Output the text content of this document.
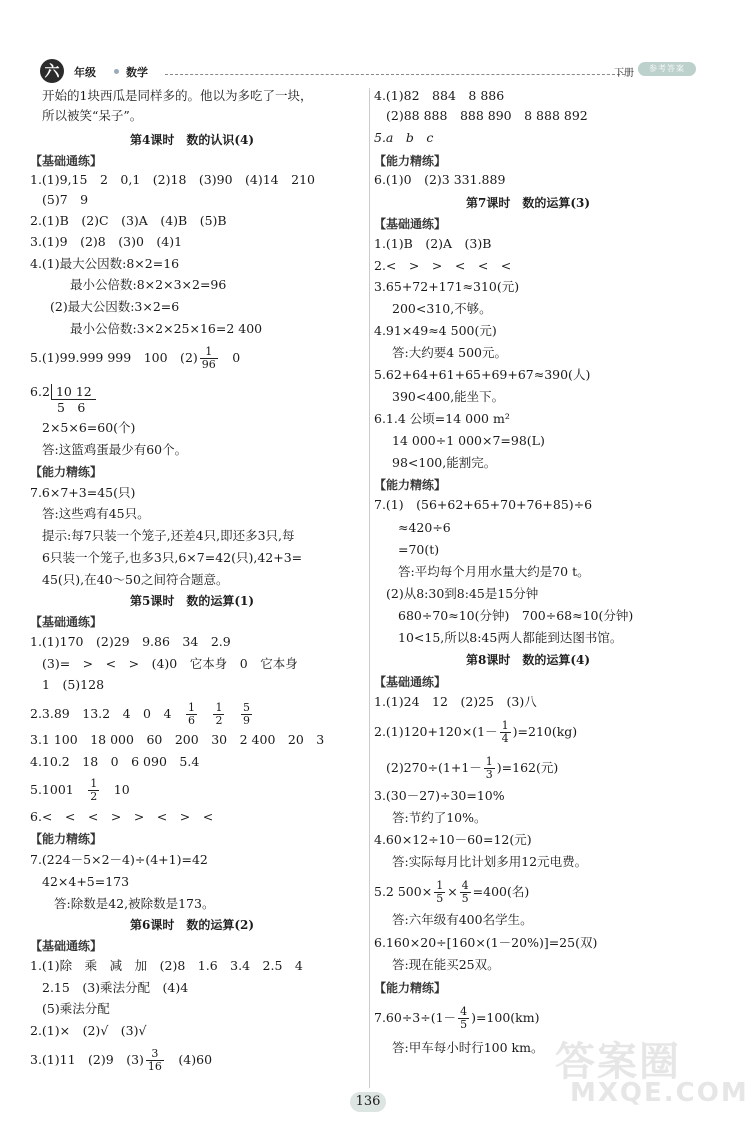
六	年级	数学	下册	参考答案
开始的1块西瓜是同样多的。他以为多吃了一块，
所以被笑“呆子”。
第4课时　数的认识(4)
【基础通练】
1.(1)9,15　2　0,1　(2)18　(3)90　(4)14　210
(5)7　9
2.(1)B　(2)C　(3)A　(4)B　(5)B
3.(1)9　(2)8　(3)0　(4)1
4.(1)最大公因数:8×2=16
最小公倍数:8×2×3×2=96
(2)最大公因数:3×2=6
最小公倍数:3×2×25×16=2 400
5.(1)99.999 999　100　$(2) \frac{1}{96}$
　 0
6. 2 10 12
5　6
2×5×6=60(个)
答:这篮鸡蛋最少有60个。
【能力精练】
7.6×7+3=45(只)
答:这些鸡有45只。
提示:每7只装一个笼子,还差4只,即还多3只,每
6只装一个笼子,也多3只,6×7=42(只),42+3=
45(只),在40～50之间符合题意。
第5课时　数的运算(1)
【基础通练】
1.(1)170　(2)29　9.86　34　2.9
(3)=　>　<　>　(4)0　它本身　0　它本身
1　(5)128
2.3.89　13.2　4　0　4　 $\frac{1}{6}$
　 $\frac{1}{2}$
　 $\frac{5}{9}$
3.1 100　18 000　60　200　30　2 400　20　3
4.10.2　18　0　6 090　5.4
5.1001　 $\frac{1}{2}$
　 10
6.<　<　<　>　>　<　>　<
【能力精练】
7.(224－5×2－4)÷(4+1)=42
42×4+5=173
答:除数是42,被除数是173。
第6课时　数的运算(2)
【基础通练】
1.(1)除　乘　减　加　(2)8　1.6　3.4　2.5　4
2.15　(3)乘法分配　(4)4
(5)乘法分配
2.(1)×　(2)√　(3)√
3.(1)11　(2)9　$(3) \frac{3}{16}$
　 (4)60
4.(1)82　884　8 886
(2)88 888　888 890　8 888 892
5.a　b　c
【能力精练】
6.(1)0　(2)3 331.889
第7课时　数的运算(3)
【基础通练】
1.(1)B　(2)A　(3)B
2.<　>　>　<　<　<
3.65+72+171≈310(元)
200<310,不够。
4.91×49≈4 500(元)
答:大约要4 500元。
5.62+64+61+65+69+67≈390(人)
390<400,能坐下。
6.1.4 公顷=14 000 m²
14 000÷1 000×7=98(L)
98<100,能割完。
【能力精练】
7.(1)　(56+62+65+70+76+85)÷6
≈420÷6
=70(t)
答:平均每个月用水量大约是70 t。
(2)从8:30到8:45是15分钟
680÷70≈10(分钟)　700÷68≈10(分钟)
10<15,所以8:45两人都能到达图书馆。
第8课时　数的运算(4)
【基础通练】
1.(1)24　12　(2)25　(3)八
$2.(1)120+120\times(1- \frac{1}{4} )=210(kg)$
$(2)270\div(1+1- \frac{1}{3} )=162$(元)
3.(30－27)÷30=10%
答:节约了10%。
4.60×12÷10－60=12(元)
答:实际每月比计划多用12元电费。
5.2 $500\times \frac{1}{5} \times \frac{4}{5} =400$(名)
答:六年级有400名学生。
6.160×20÷[160×(1－20%)]=25(双)
答:现在能买25双。
【能力精练】
$7.60\div 3\div(1- \frac{4}{5} )=100(km)$
答:甲车每小时行100 km。 答案圈
MXQE.COM
136
